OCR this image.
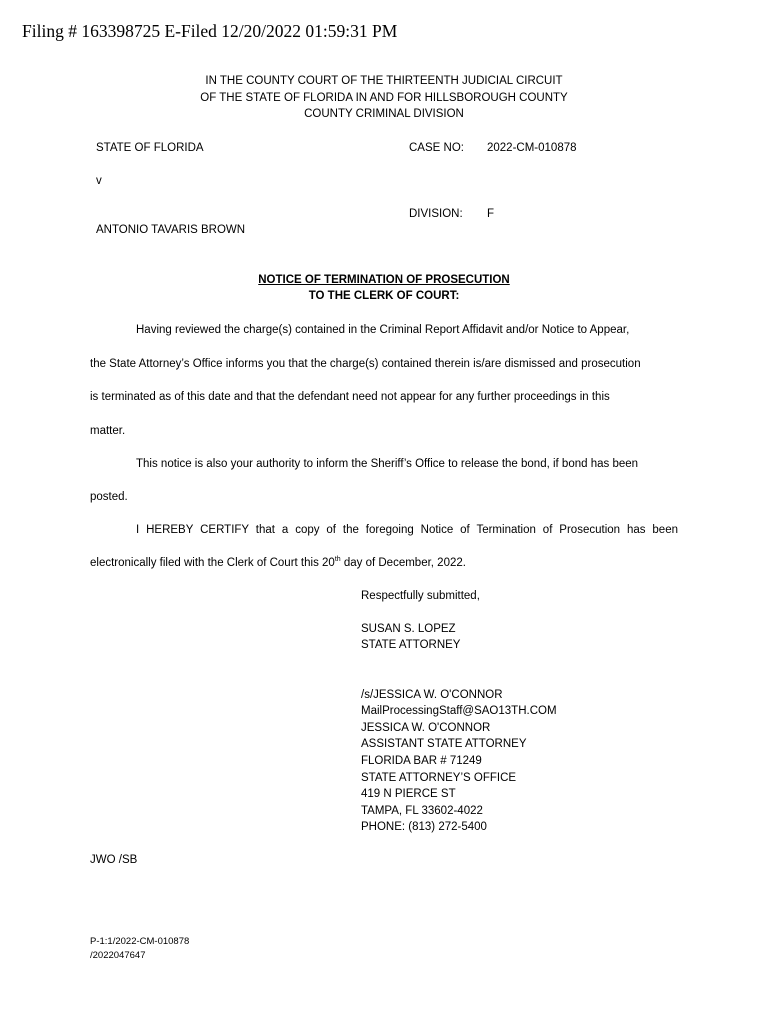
Filing # 163398725 E-Filed 12/20/2022 01:59:31 PM
IN THE COUNTY COURT OF THE THIRTEENTH JUDICIAL CIRCUIT
OF THE STATE OF FLORIDA IN AND FOR HILLSBOROUGH COUNTY
COUNTY CRIMINAL DIVISION
STATE OF FLORIDA	CASE NO: 2022-CM-010878
v
DIVISION: F
ANTONIO TAVARIS BROWN
NOTICE OF TERMINATION OF PROSECUTION
TO THE CLERK OF COURT:
Having reviewed the charge(s) contained in the Criminal Report Affidavit and/or Notice to Appear,
the State Attorney’s Office informs you that the charge(s) contained therein is/are dismissed and prosecution
is terminated as of this date and that the defendant need not appear for any further proceedings in this
matter.
This notice is also your authority to inform the Sheriff’s Office to release the bond, if bond has been
posted.
I HEREBY CERTIFY that a copy of the foregoing Notice of Termination of Prosecution has been
electronically filed with the Clerk of Court this 20th day of December, 2022.
Respectfully submitted,
SUSAN S. LOPEZ
STATE ATTORNEY
/s/JESSICA W. O'CONNOR
MailProcessingStaff@SAO13TH.COM
JESSICA W. O'CONNOR
ASSISTANT STATE ATTORNEY
FLORIDA BAR # 71249
STATE ATTORNEY’S OFFICE
419 N PIERCE ST
TAMPA, FL 33602-4022
PHONE: (813) 272-5400
JWO /SB
P-1:1/2022-CM-010878
/2022047647
